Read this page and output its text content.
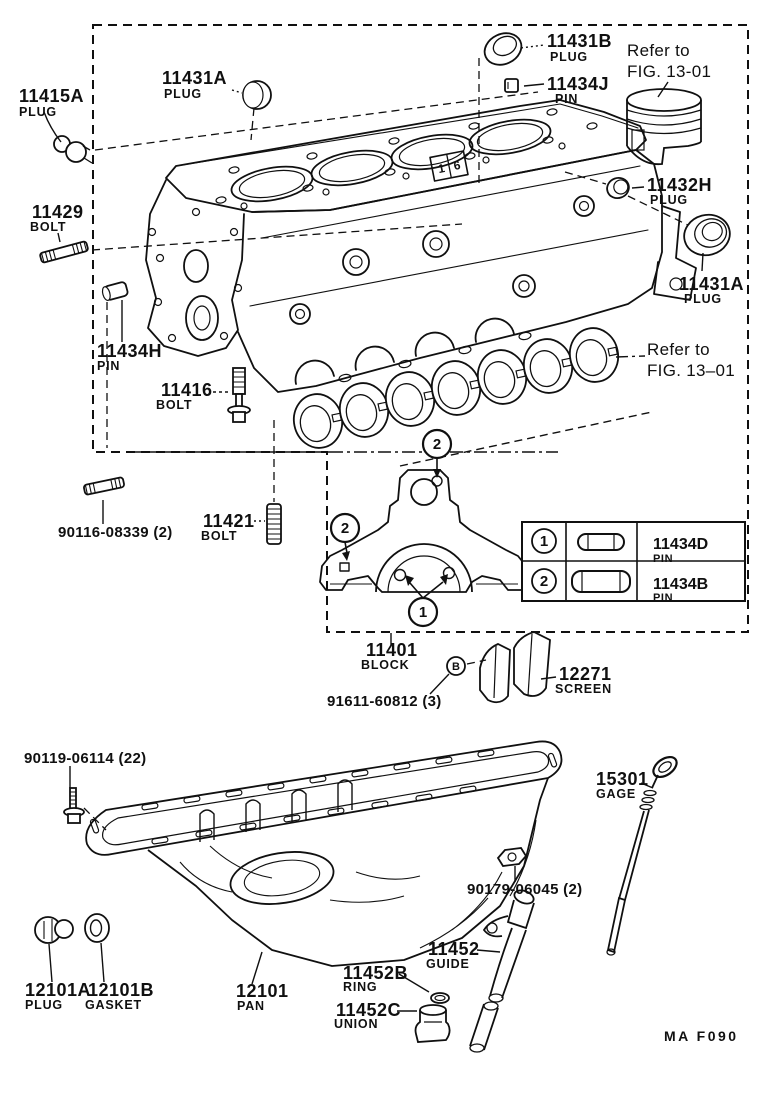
1 6
2
2
1
1	11434D
PIN
2	11434B
PIN
B
11415A
PLUG
11431A
PLUG
11431B
PLUG
11434J
PIN
Refer to
FIG. 13-01
11429
BOLT
11432H
PLUG
11431A
PLUG
11434H
PIN
Refer to
FIG. 13–01
11416
BOLT
90116-08339 (2)
11421
BOLT
11401
BLOCK
91611-60812 (3)
12271
SCREEN
90119-06114 (22)
15301
GAGE
90179-06045 (2)
11452
GUIDE
11452B
RING
11452C
UNION
12101A
PLUG
12101B
GASKET
12101
PAN
MA F090
